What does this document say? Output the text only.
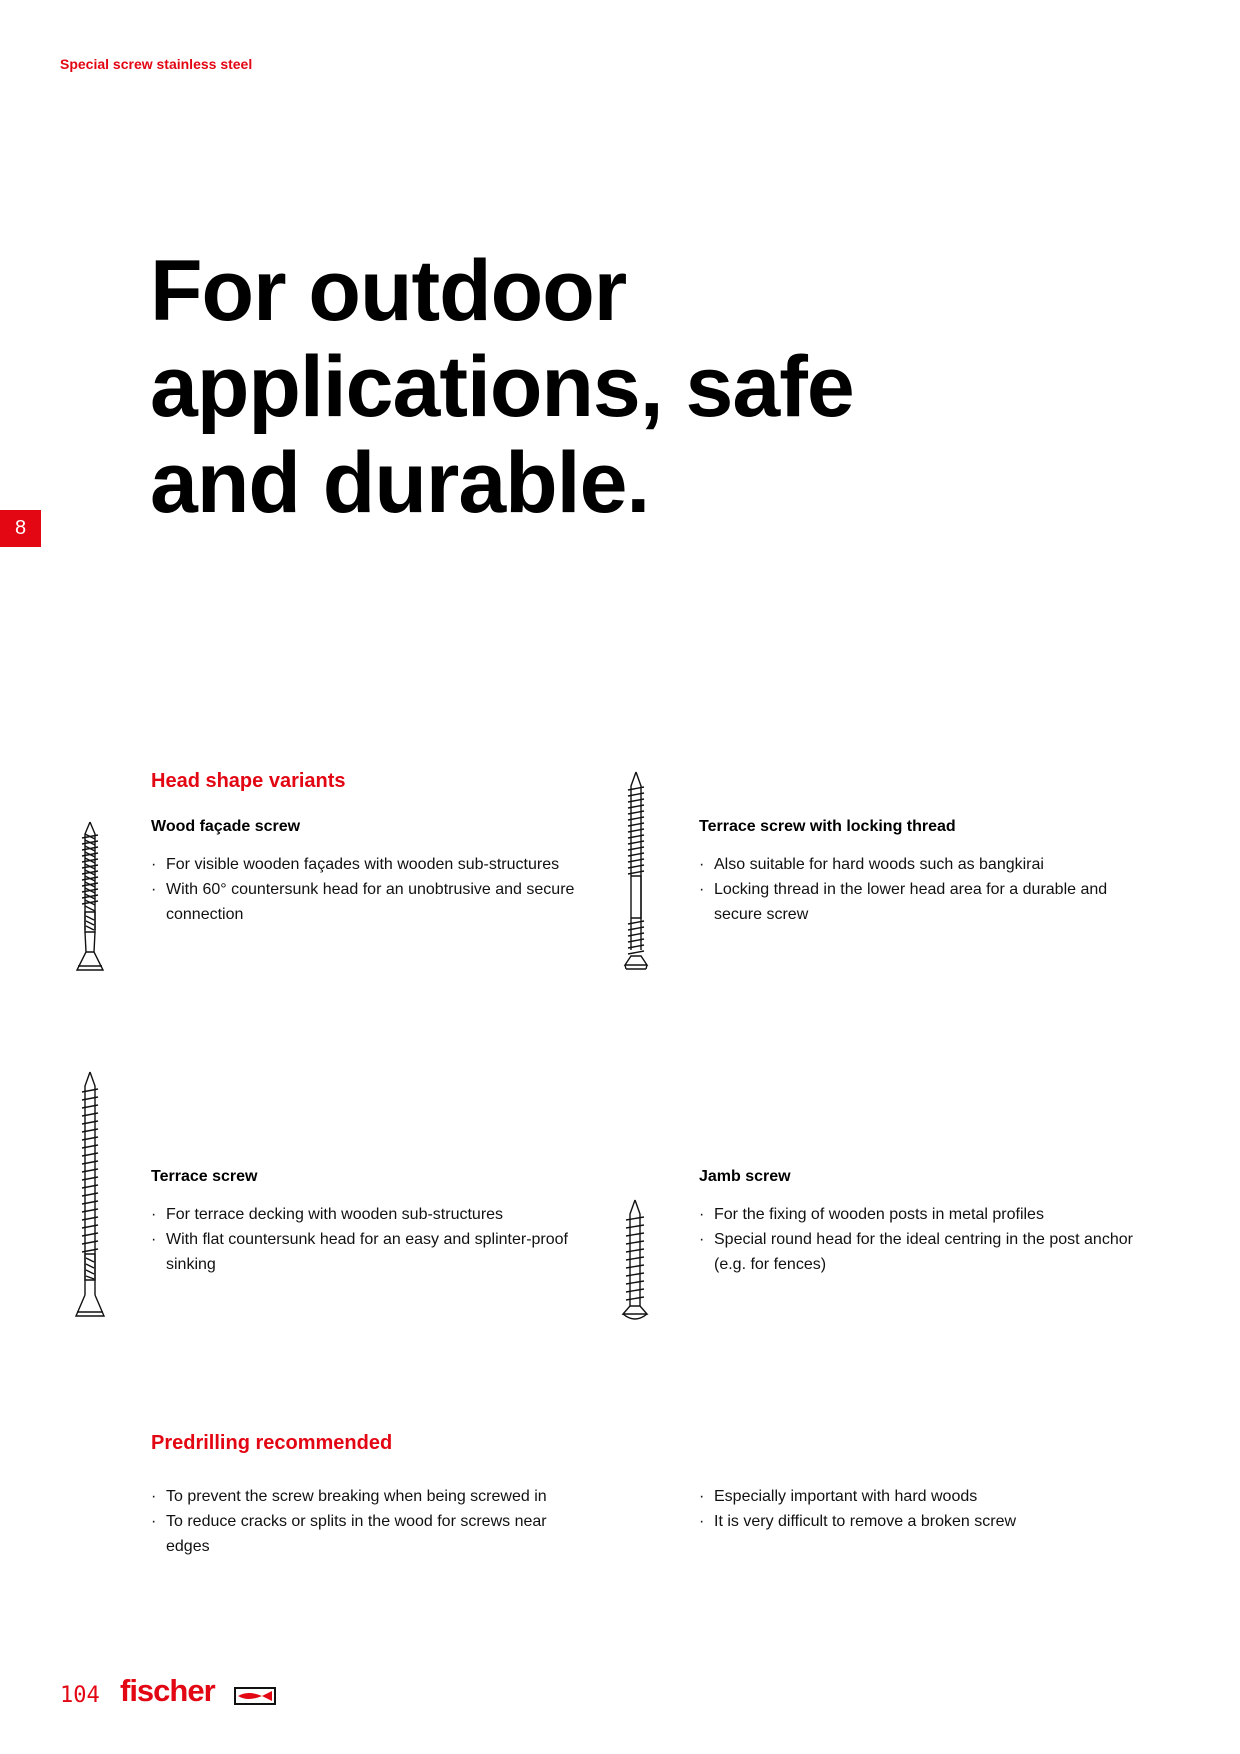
Special screw stainless steel
8
For outdoor
applications, safe
and durable.
Head shape variants
Wood façade screw
· For visible wooden façades with wooden sub-structures
· With 60° countersunk head for an unobtrusive and secure connection
Terrace screw with locking thread
· Also suitable for hard woods such as bangkirai
· Locking thread in the lower head area for a durable and secure screw
Terrace screw
· For terrace decking with wooden sub-structures
· With flat countersunk head for an easy and splinter-proof sinking
Jamb screw
· For the fixing of wooden posts in metal profiles
· Special round head for the ideal centring in the post anchor (e.g. for fences)
Predrilling recommended
· To prevent the screw breaking when being screwed in
· To reduce cracks or splits in the wood for screws near edges
· Especially important with hard woods
· It is very difficult to remove a broken screw
104 fischer
